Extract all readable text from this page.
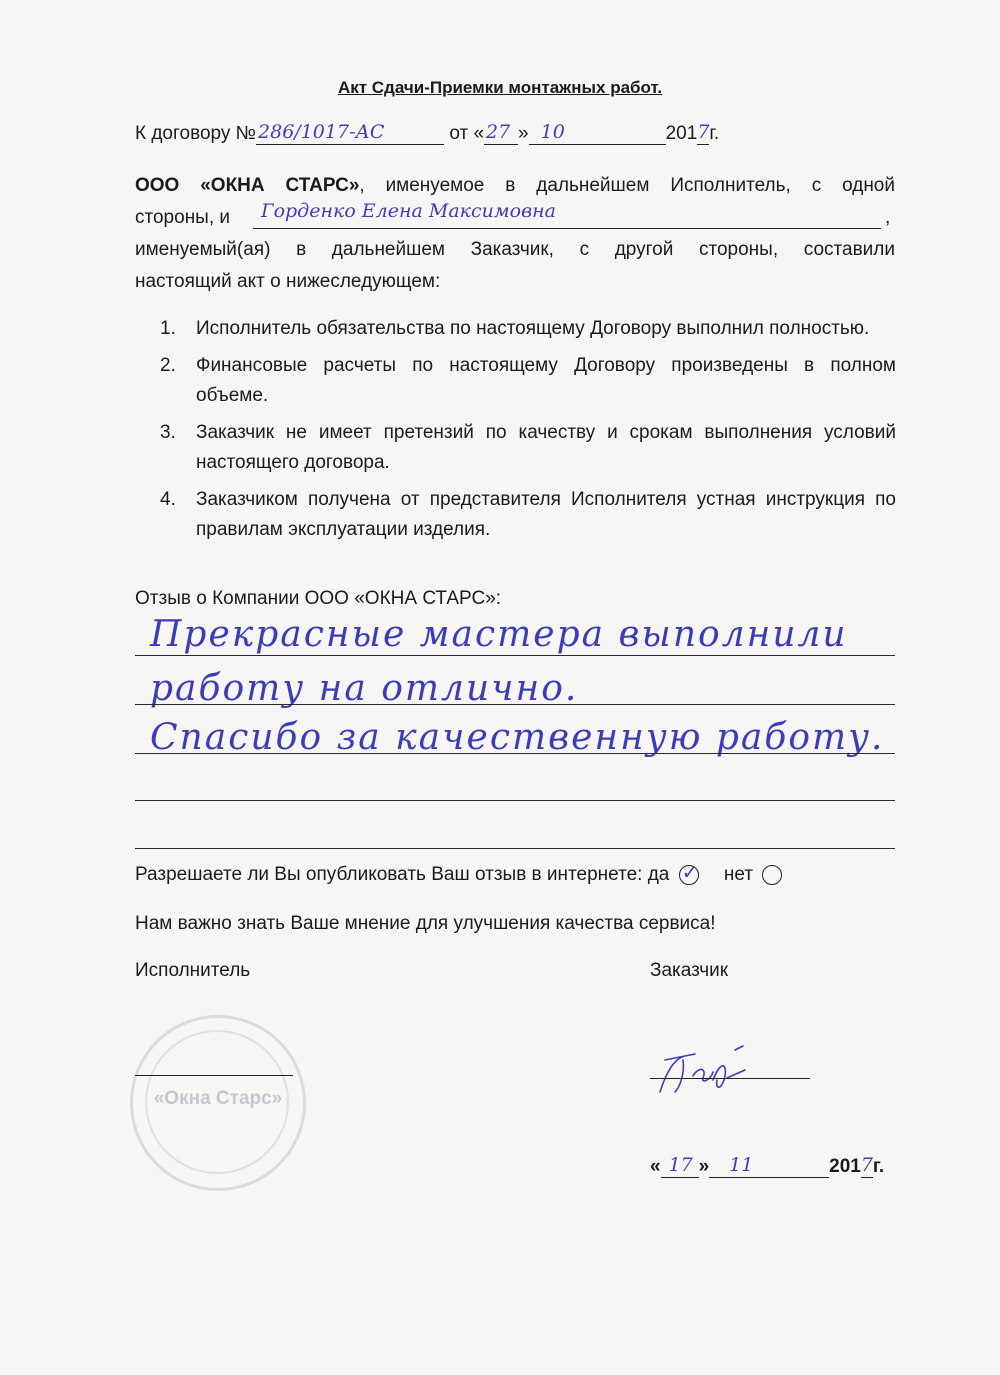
Акт Сдачи-Приемки монтажных работ.
К договору № 286/1017-АС	от « 27 » 10	201 7 г.
ООО «ОКНА СТАРС», именуемое в дальнейшем Исполнитель, с одной
стороны, и Горденко Елена Максимовна	,
именуемый(ая) в дальнейшем Заказчик, с другой стороны, составили
настоящий акт о нижеследующем:
1.	Исполнитель обязательства по настоящему Договору выполнил полностью.
2.	Финансовые расчеты по настоящему Договору произведены в полном объеме.
3.	Заказчик не имеет претензий по качеству и срокам выполнения условий настоящего договора.
4.	Заказчиком получена от представителя Исполнителя устная инструкция по правилам эксплуатации изделия.
Отзыв о Компании ООО «ОКНА СТАРС»:
Прекрасные мастера выполнили
работу на отлично.
Спасибо за качественную работу.
Разрешаете ли Вы опубликовать Ваш отзыв в интернете: да ✓ нет
Нам важно знать Ваше мнение для улучшения качества сервиса!
Исполнитель	Заказчик
«Окна Старс»
« 17 » 11	201 7 г.
